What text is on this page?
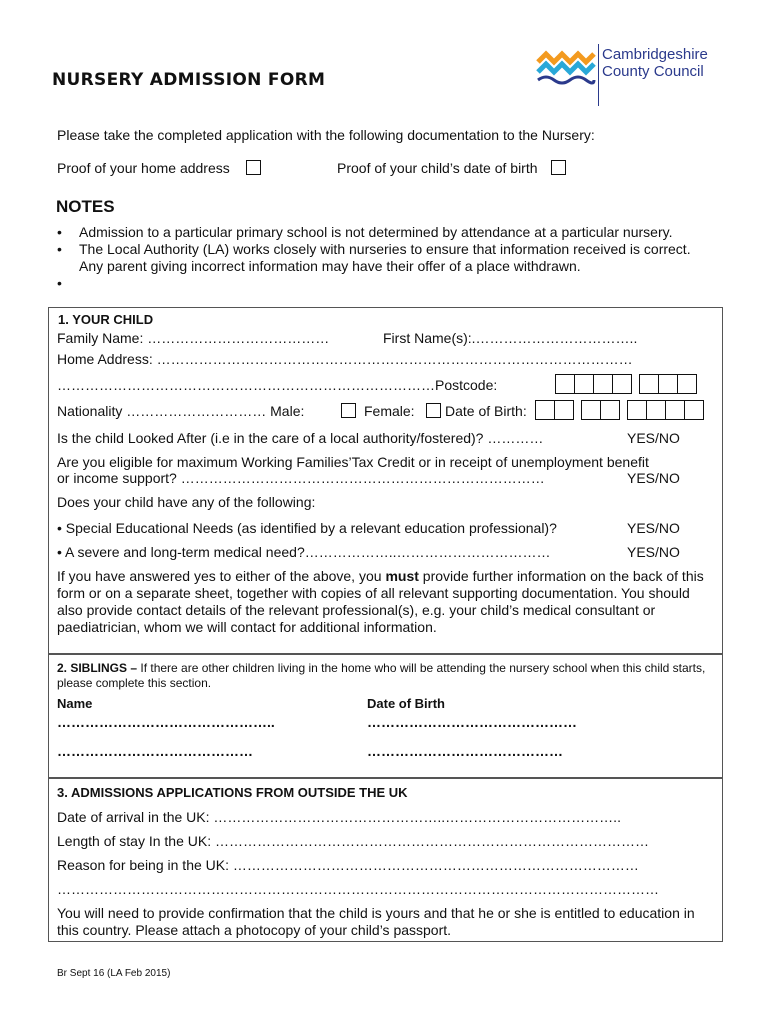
NURSERY ADMISSION FORM
Cambridgeshire
County Council
Please take the completed application with the following documentation to the Nursery:
Proof of your home address	Proof of your child’s date of birth
NOTES
• Admission to a particular primary school is not determined by attendance at a particular nursery.
• The Local Authority (LA) works closely with nurseries to ensure that information received is correct. Any parent giving incorrect information may have their offer of a place withdrawn.
•
1. YOUR CHILD
Family Name: …………………………………	First Name(s):.……………………………..
Home Address: …………………………………………………………………………………………
………………………………………………………………………Postcode:
Nationality ………………………… Male:	Female: Date of Birth:
Is the child Looked After (i.e in the care of a local authority/fostered)? …………	YES/NO
Are you eligible for maximum Working Families’Tax Credit or in receipt of unemployment benefit
or income support? ……………………………………………………………………	YES/NO
Does your child have any of the following:
• Special Educational Needs (as identified by a relevant education professional)?	YES/NO
• A severe and long-term medical need?………………..……………………………	YES/NO
If you have answered yes to either of the above, you must provide further information on the back of this form or on a separate sheet, together with copies of all relevant supporting documentation. You should also provide contact details of the relevant professional(s), e.g. your child’s medical consultant or paediatrician, whom we will contact for additional information.
2. SIBLINGS – If there are other children living in the home who will be attending the nursery school when this child starts, please complete this section.
Name	Date of Birth
………………………………………..	………………………………………
……………………………………	……………………………………
3. ADMISSIONS APPLICATIONS FROM OUTSIDE THE UK
Date of arrival in the UK: …………………………………………..………………………………..
Length of stay In the UK: …………………………………………………………………………………
Reason for being in the UK: ……………………………………………………………………………
…………………………………………………………………………………………………………………
You will need to provide confirmation that the child is yours and that he or she is entitled to education in this country. Please attach a photocopy of your child’s passport.
Br Sept 16 (LA Feb 2015)
